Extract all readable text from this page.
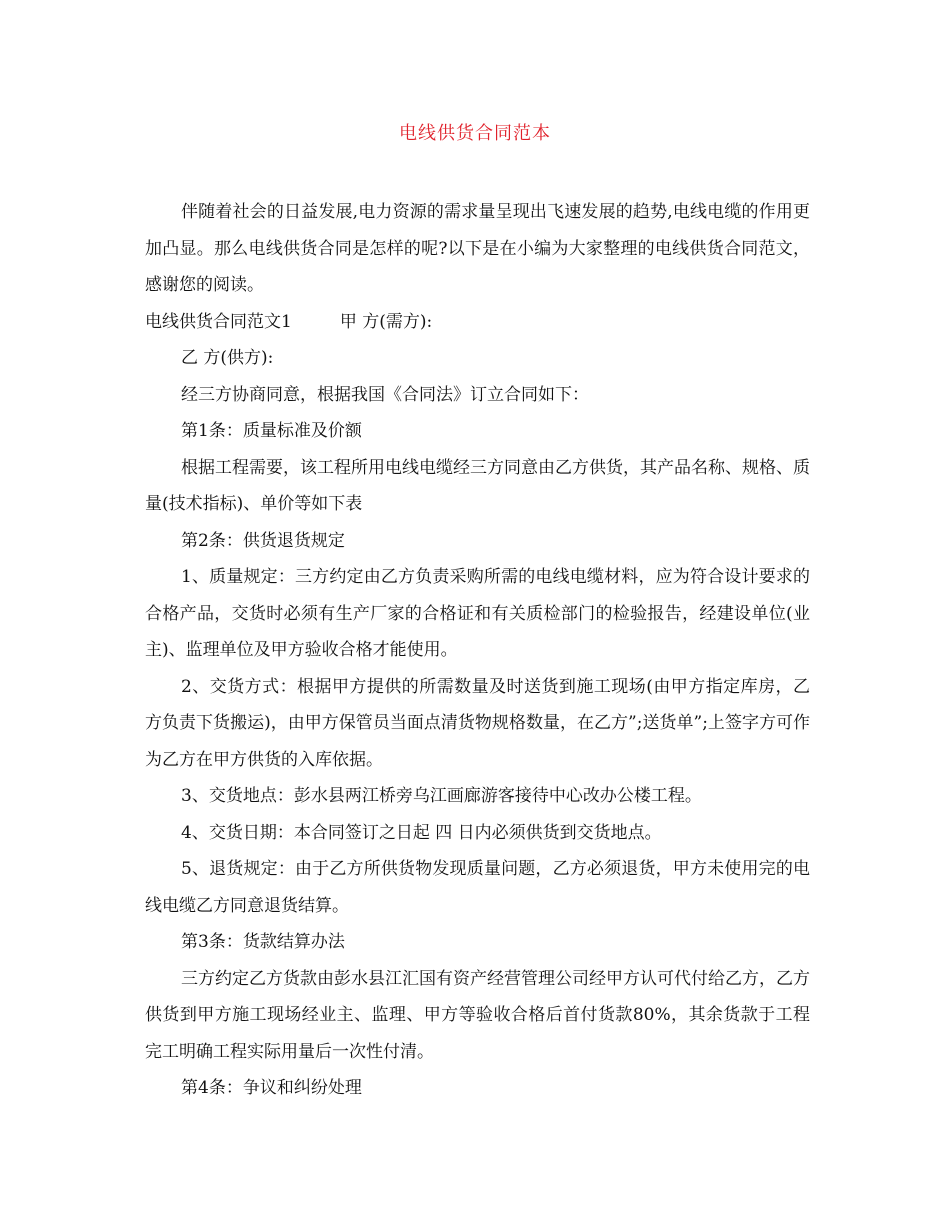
电线供货合同范本

伴随着社会的日益发展,电力资源的需求量呈现出飞速发展的趋势,电线电缆的作用更加凸显。那么电线供货合同是怎样的呢?以下是在小编为大家整理的电线供货合同范文，感谢您的阅读。

电线供货合同范文1	甲 方(需方):

乙 方(供方):

经三方协商同意，根据我国《合同法》订立合同如下：

第1条：质量标准及价额

根据工程需要，该工程所用电线电缆经三方同意由乙方供货，其产品名称、规格、质量(技术指标)、单价等如下表

第2条：供货退货规定

1、质量规定：三方约定由乙方负责采购所需的电线电缆材料，应为符合设计要求的合格产品，交货时必须有生产厂家的合格证和有关质检部门的检验报告，经建设单位(业主)、监理单位及甲方验收合格才能使用。

2、交货方式：根据甲方提供的所需数量及时送货到施工现场(由甲方指定库房，乙方负责下货搬运)，由甲方保管员当面点清货物规格数量，在乙方”;送货单”;上签字方可作为乙方在甲方供货的入库依据。

3、交货地点：彭水县两江桥旁乌江画廊游客接待中心改办公楼工程。

4、交货日期：本合同签订之日起 四 日内必须供货到交货地点。

5、退货规定：由于乙方所供货物发现质量问题，乙方必须退货，甲方未使用完的电线电缆乙方同意退货结算。

第3条：货款结算办法

三方约定乙方货款由彭水县江汇国有资产经营管理公司经甲方认可代付给乙方，乙方供货到甲方施工现场经业主、监理、甲方等验收合格后首付货款80%，其余货款于工程完工明确工程实际用量后一次性付清。

第4条：争议和纠纷处理
